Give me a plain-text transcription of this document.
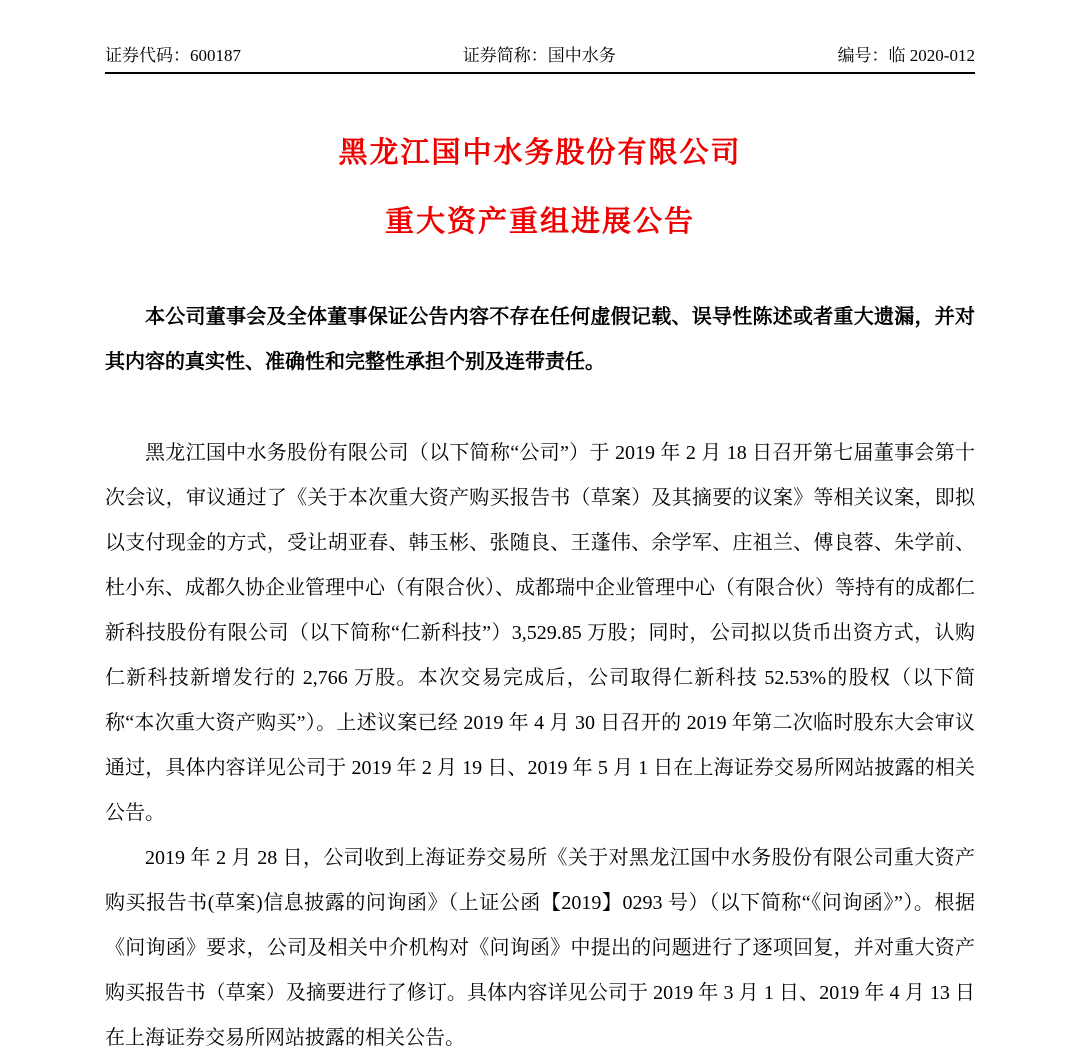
证券代码：600187	证券简称：国中水务	编号：临 2020-012
黑龙江国中水务股份有限公司
重大资产重组进展公告

本公司董事会及全体董事保证公告内容不存在任何虚假记载、误导性陈述或者重大遗漏，并对其内容的真实性、准确性和完整性承担个别及连带责任。

黑龙江国中水务股份有限公司（以下简称“公司”）于 2019 年 2 月 18 日召开第七届董事会第十次会议，审议通过了《关于本次重大资产购买报告书（草案）及其摘要的议案》等相关议案，即拟以支付现金的方式，受让胡亚春、韩玉彬、张随良、王蓬伟、余学军、庄祖兰、傅良蓉、朱学前、杜小东、成都久协企业管理中心（有限合伙）、成都瑞中企业管理中心（有限合伙）等持有的成都仁新科技股份有限公司（以下简称“仁新科技”）3,529.85 万股；同时，公司拟以货币出资方式，认购仁新科技新增发行的 2,766 万股。本次交易完成后，公司取得仁新科技 52.53%的股权（以下简称“本次重大资产购买”）。上述议案已经 2019 年 4 月 30 日召开的 2019 年第二次临时股东大会审议通过，具体内容详见公司于 2019 年 2 月 19 日、2019 年 5 月 1 日在上海证券交易所网站披露的相关公告。

2019 年 2 月 28 日，公司收到上海证券交易所《关于对黑龙江国中水务股份有限公司重大资产购买报告书(草案)信息披露的问询函》（上证公函【2019】0293 号）（以下简称“《问询函》”）。根据《问询函》要求，公司及相关中介机构对《问询函》中提出的问题进行了逐项回复，并对重大资产购买报告书（草案）及摘要进行了修订。具体内容详见公司于 2019 年 3 月 1 日、2019 年 4 月 13 日在上海证券交易所网站披露的相关公告。
